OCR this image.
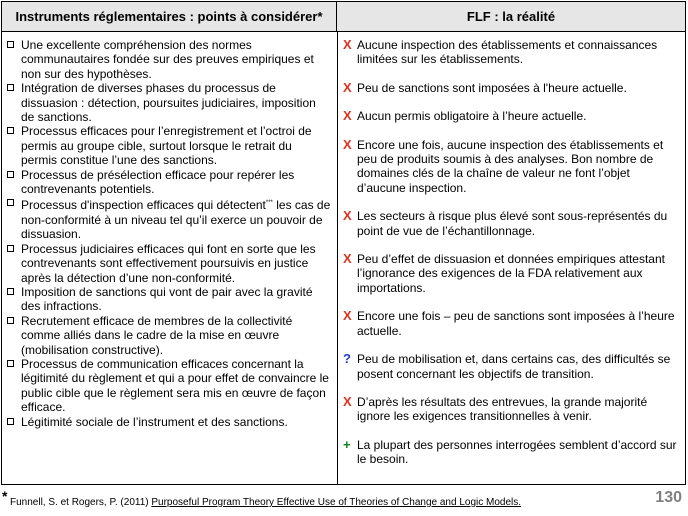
Instruments réglementaires : points à considérer*	FLF : la réalité
Une excellente compréhension des normes communautaires fondée sur des preuves empiriques et non sur des hypothèses.
Intégration de diverses phases du processus de dissuasion : détection, poursuites judiciaires, imposition de sanctions.
Processus efficaces pour l’enregistrement et l’octroi de permis au groupe cible, surtout lorsque le retrait du permis constitue l’une des sanctions.
Processus de présélection efficace pour repérer les contrevenants potentiels.
Processus d'inspection efficaces qui détectent*** les cas de non-conformité à un niveau tel qu’il exerce un pouvoir de dissuasion.
Processus judiciaires efficaces qui font en sorte que les contrevenants sont effectivement poursuivis en justice après la détection d’une non-conformité.
Imposition de sanctions qui vont de pair avec la gravité des infractions.
Recrutement efficace de membres de la collectivité comme alliés dans le cadre de la mise en œuvre (mobilisation constructive).
Processus de communication efficaces concernant la légitimité du règlement et qui a pour effet de convaincre le public cible que le règlement sera mis en œuvre de façon efficace.
Légitimité sociale de l’instrument et des sanctions.
X Aucune inspection des établissements et connaissances limitées sur les établissements.
X Peu de sanctions sont imposées à l'heure actuelle.
X Aucun permis obligatoire à l’heure actuelle.
X Encore une fois, aucune inspection des établissements et peu de produits soumis à des analyses. Bon nombre de domaines clés de la chaîne de valeur ne font l’objet d’aucune inspection.
X Les secteurs à risque plus élevé sont sous-représentés du point de vue de l’échantillonnage.
X Peu d’effet de dissuasion et données empiriques attestant l’ignorance des exigences de la FDA relativement aux importations.
X Encore une fois – peu de sanctions sont imposées à l’heure actuelle.
? Peu de mobilisation et, dans certains cas, des difficultés se posent concernant les objectifs de transition.
X D’après les résultats des entrevues, la grande majorité ignore les exigences transitionnelles à venir.
+ La plupart des personnes interrogées semblent d’accord sur le besoin.
* Funnell, S. et Rogers, P. (2011) Purposeful Program Theory Effective Use of Theories of Change and Logic Models.	130
